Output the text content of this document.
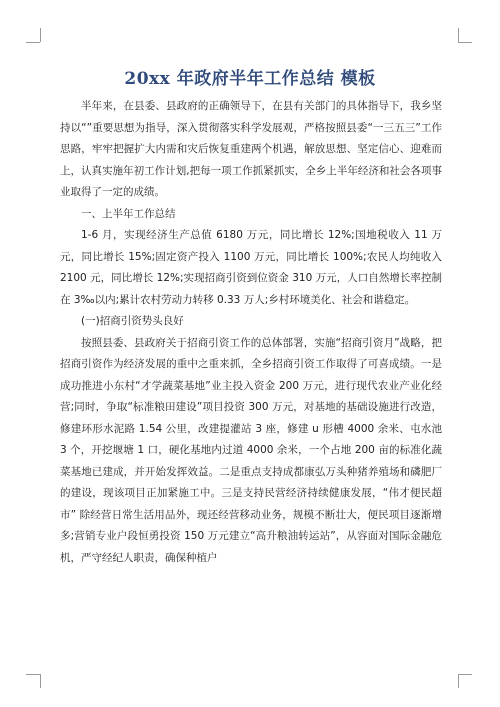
20xx 年政府半年工作总结 模板

半年来，在县委、县政府的正确领导下，在县有关部门的具体指导下，我乡坚持以“”重要思想为指导，深入贯彻落实科学发展观，严格按照县委“一三五三”工作思路，牢牢把握扩大内需和灾后恢复重建两个机遇，解放思想、坚定信心、迎难而上，认真实施年初工作计划,把每一项工作抓紧抓实，全乡上半年经济和社会各项事业取得了一定的成绩。

一、上半年工作总结

1-6 月，实现经济生产总值 6180 万元，同比增长 12%;国地税收入 11 万元，同比增长 15%;固定资产投入 1100 万元，同比增长 100%;农民人均纯收入 2100 元，同比增长 12%;实现招商引资到位资金 310 万元，人口自然增长率控制在 3‰以内;累计农村劳动力转移 0.33 万人;乡村环境美化、社会和谐稳定。

(一)招商引资势头良好

按照县委、县政府关于招商引资工作的总体部署，实施“招商引资月”战略，把招商引资作为经济发展的重中之重来抓，全乡招商引资工作取得了可喜成绩。一是成功推进小东村“才学蔬菜基地”业主投入资金 200 万元，进行现代农业产业化经营;同时，争取“标准粮田建设”项目投资 300 万元，对基地的基础设施进行改造，修建环形水泥路 1.54 公里，改建提灌站 3 座，修建 u 形槽 4000 余米、屯水池 3 个，开挖堰塘 1 口，硬化基地内过道 4000 余米，一个占地 200 亩的标准化蔬菜基地已建成，并开始发挥效益。二是重点支持成都康弘万头种猪养殖场和磷肥厂的建设，现该项目正加紧施工中。三是支持民营经济持续健康发展，“伟才便民超市” 除经营日常生活用品外，现还经营移动业务，规模不断壮大，便民项目逐渐增多;营销专业户段恒勇投资 150 万元建立“高升粮油转运站”，从容面对国际金融危机，严守经纪人职责，确保种植户
